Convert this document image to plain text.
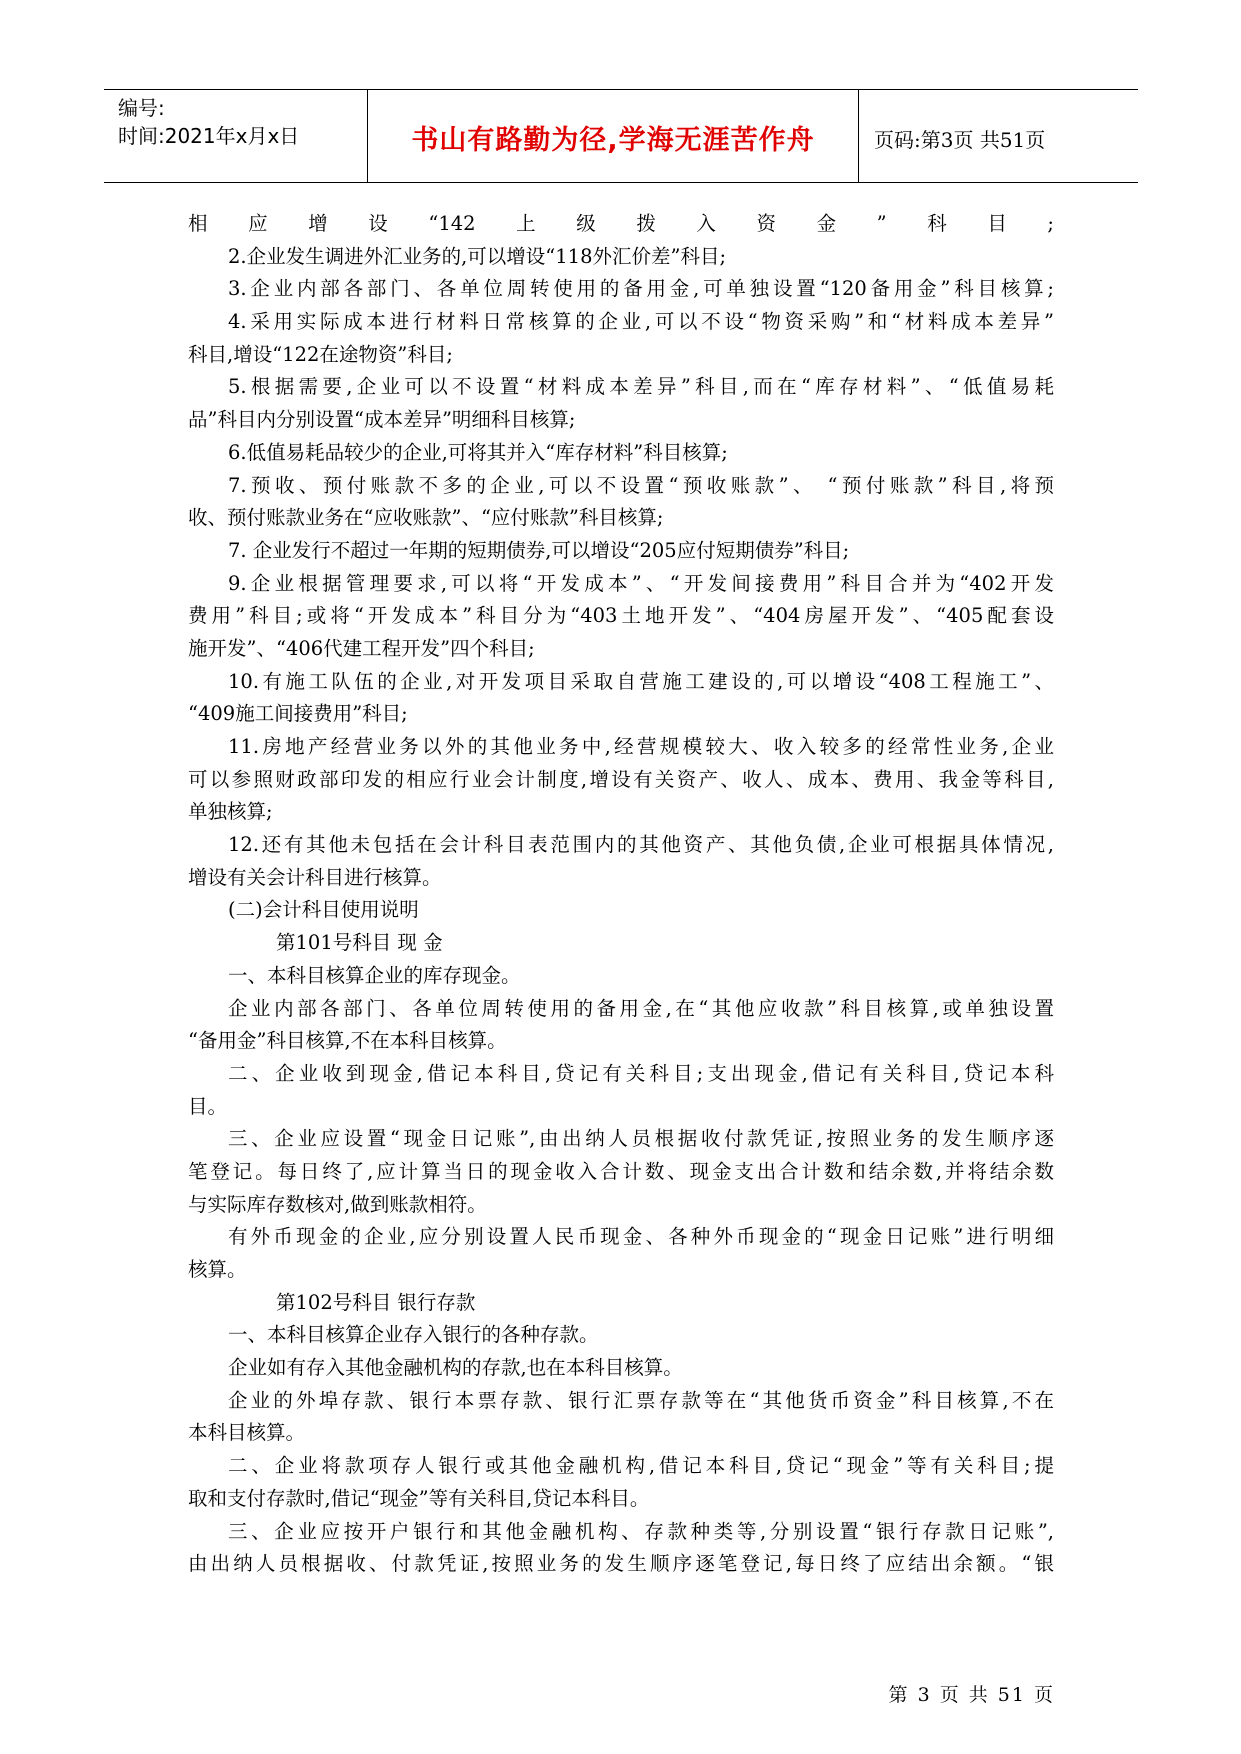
编号:
时间:2021年x月x日	书山有路勤为径,学海无涯苦作舟	页码:第3页 共51页
相应增设“142上级拨入资金”科目;
2.企业发生调进外汇业务的,可以增设“118外汇价差”科目;
3.企业内部各部门、各单位周转使用的备用金,可单独设置“120备用金”科目核算;
4.采用实际成本进行材料日常核算的企业,可以不设“物资采购”和“材料成本差异”
科目,增设“122在途物资”科目;
5.根据需要,企业可以不设置“材料成本差异”科目,而在“库存材料”、“低值易耗
品”科目内分别设置“成本差异”明细科目核算;
6.低值易耗品较少的企业,可将其并入“库存材料”科目核算;
7.预收、预付账款不多的企业,可以不设置“预收账款”、 “预付账款”科目,将预
收、预付账款业务在“应收账款”、“应付账款”科目核算;
7. 企业发行不超过一年期的短期债券,可以增设“205应付短期债券”科目;
9.企业根据管理要求,可以将“开发成本”、“开发间接费用”科目合并为“402开发
费用”科目;或将“开发成本”科目分为“403土地开发”、“404房屋开发”、“405配套设
施开发”、“406代建工程开发”四个科目;
10.有施工队伍的企业,对开发项目采取自营施工建设的,可以增设“408工程施工”、
“409施工间接费用”科目;
11.房地产经营业务以外的其他业务中,经营规模较大、收入较多的经常性业务,企业
可以参照财政部印发的相应行业会计制度,增设有关资产、收人、成本、费用、我金等科目,
单独核算;
12.还有其他未包括在会计科目表范围内的其他资产、其他负债,企业可根据具体情况,
增设有关会计科目进行核算。
(二)会计科目使用说明
第101号科目 现 金
一、本科目核算企业的库存现金。
企业内部各部门、各单位周转使用的备用金,在“其他应收款”科目核算,或单独设置
“备用金”科目核算,不在本科目核算。
二、企业收到现金,借记本科目,贷记有关科目;支出现金,借记有关科目,贷记本科
目。
三、企业应设置“现金日记账”,由出纳人员根据收付款凭证,按照业务的发生顺序逐
笔登记。每日终了,应计算当日的现金收入合计数、现金支出合计数和结余数,并将结余数
与实际库存数核对,做到账款相符。
有外币现金的企业,应分别设置人民币现金、各种外币现金的“现金日记账”进行明细
核算。
第102号科目 银行存款
一、本科目核算企业存入银行的各种存款。
企业如有存入其他金融机构的存款,也在本科目核算。
企业的外埠存款、银行本票存款、银行汇票存款等在“其他货币资金”科目核算,不在
本科目核算。
二、企业将款项存人银行或其他金融机构,借记本科目,贷记“现金”等有关科目;提
取和支付存款时,借记“现金”等有关科目,贷记本科目。
三、企业应按开户银行和其他金融机构、存款种类等,分别设置“银行存款日记账”,
由出纳人员根据收、付款凭证,按照业务的发生顺序逐笔登记,每日终了应结出余额。“银
第 3 页 共 51 页
